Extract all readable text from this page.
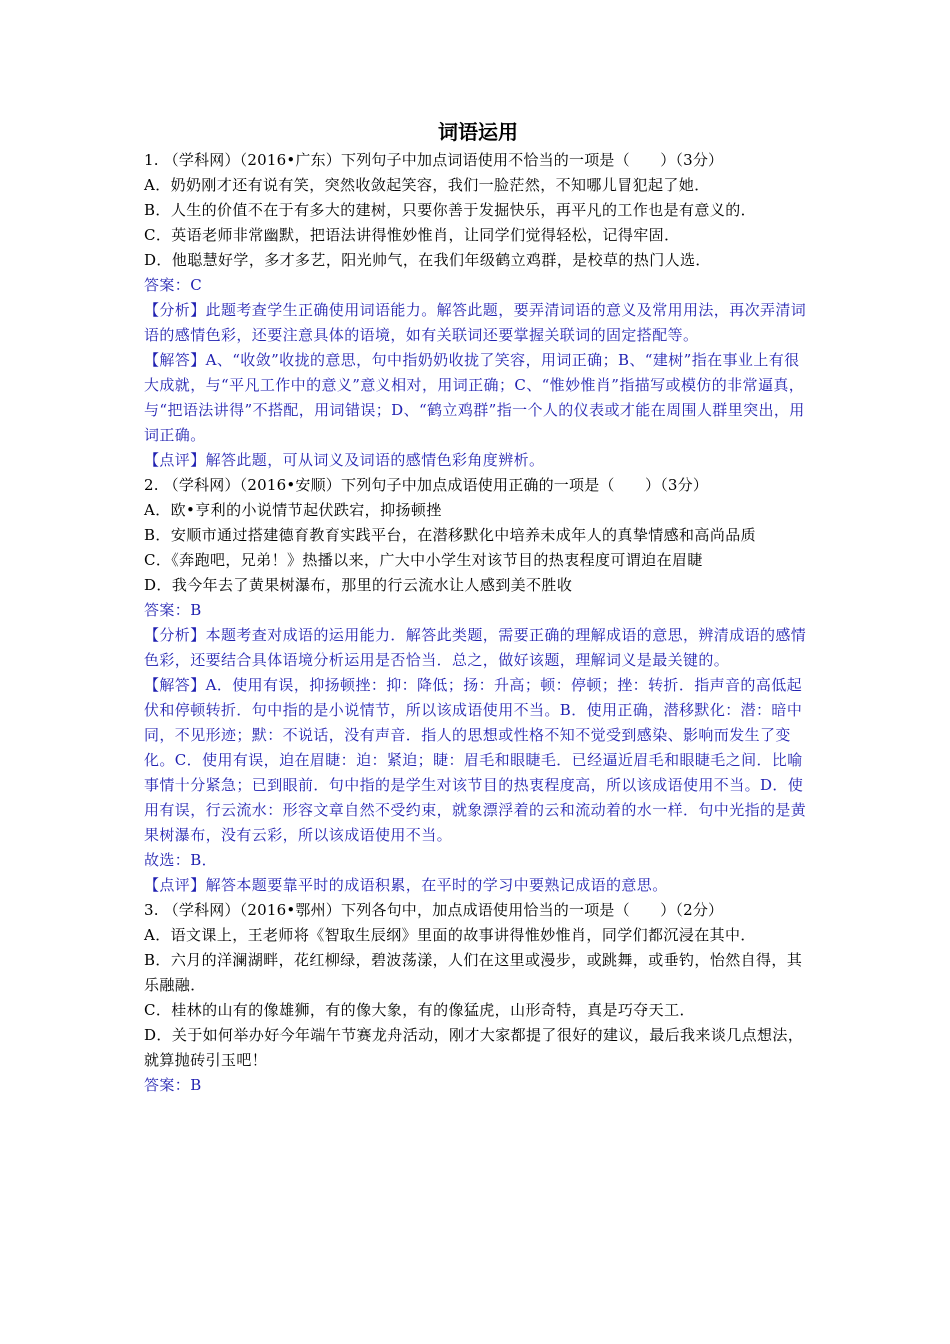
词语运用

1. （学科网）（2016•广东）下列句子中加点词语使用不恰当的一项是（　　）（3分）

A．奶奶刚才还有说有笑，突然收敛起笑容，我们一脸茫然，不知哪儿冒犯起了她．

B．人生的价值不在于有多大的建树，只要你善于发掘快乐，再平凡的工作也是有意义的．

C．英语老师非常幽默，把语法讲得惟妙惟肖，让同学们觉得轻松，记得牢固．

D．他聪慧好学，多才多艺，阳光帅气，在我们年级鹤立鸡群，是校草的热门人选．

答案：C

【分析】此题考查学生正确使用词语能力。解答此题，要弄清词语的意义及常用用法，再次弄清词语的感情色彩，还要注意具体的语境，如有关联词还要掌握关联词的固定搭配等。

【解答】A、“收敛”收拢的意思，句中指奶奶收拢了笑容，用词正确；B、“建树”指在事业上有很大成就，与“平凡工作中的意义”意义相对，用词正确；C、“惟妙惟肖”指描写或模仿的非常逼真，与“把语法讲得”不搭配，用词错误；D、“鹤立鸡群”指一个人的仪表或才能在周围人群里突出，用词正确。

【点评】解答此题，可从词义及词语的感情色彩角度辨析。

2. （学科网）（2016•安顺）下列句子中加点成语使用正确的一项是（　　）（3分）

A．欧•亨利的小说情节起伏跌宕，抑扬顿挫

B．安顺市通过搭建德育教育实践平台，在潜移默化中培养未成年人的真挚情感和高尚品质

C．《奔跑吧，兄弟！》热播以来，广大中小学生对该节目的热衷程度可谓迫在眉睫

D．我今年去了黄果树瀑布，那里的行云流水让人感到美不胜收

答案：B

【分析】本题考查对成语的运用能力．解答此类题，需要正确的理解成语的意思，辨清成语的感情色彩，还要结合具体语境分析运用是否恰当．总之，做好该题，理解词义是最关键的。

【解答】A．使用有误，抑扬顿挫：抑：降低；扬：升高；顿：停顿；挫：转折．指声音的高低起伏和停顿转折．句中指的是小说情节，所以该成语使用不当。B．使用正确，潜移默化：潜：暗中同，不见形迹；默：不说话，没有声音．指人的思想或性格不知不觉受到感染、影响而发生了变化。C．使用有误，迫在眉睫：迫：紧迫；睫：眉毛和眼睫毛．已经逼近眉毛和眼睫毛之间．比喻事情十分紧急；已到眼前．句中指的是学生对该节目的热衷程度高，所以该成语使用不当。D．使用有误，行云流水：形容文章自然不受约束，就象漂浮着的云和流动着的水一样．句中光指的是黄果树瀑布，没有云彩，所以该成语使用不当。

故选：B．

【点评】解答本题要靠平时的成语积累，在平时的学习中要熟记成语的意思。

3. （学科网）（2016•鄂州）下列各句中，加点成语使用恰当的一项是（　　）（2分）

A．语文课上，王老师将《智取生辰纲》里面的故事讲得惟妙惟肖，同学们都沉浸在其中．

B．六月的洋澜湖畔，花红柳绿，碧波荡漾，人们在这里或漫步，或跳舞，或垂钓，怡然自得，其乐融融．

C．桂林的山有的像雄狮，有的像大象，有的像猛虎，山形奇特，真是巧夺天工．

D．关于如何举办好今年端午节赛龙舟活动，刚才大家都提了很好的建议，最后我来谈几点想法，就算抛砖引玉吧！

答案：B
